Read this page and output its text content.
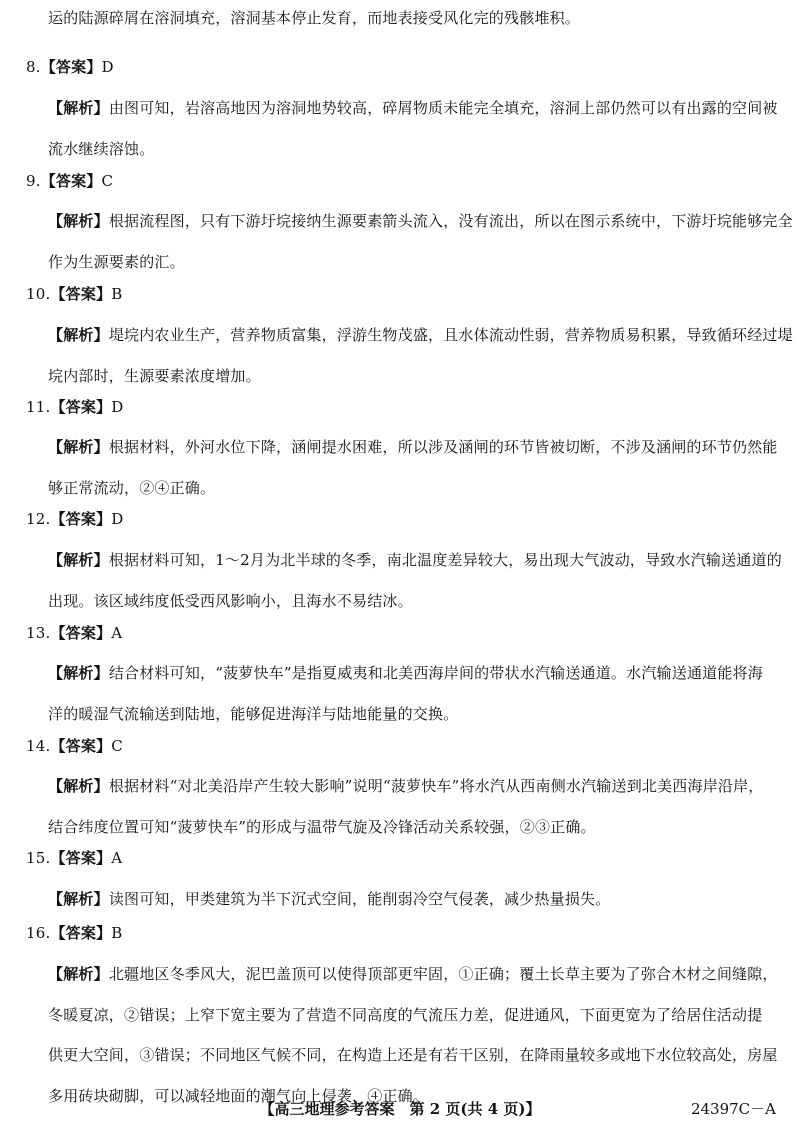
运的陆源碎屑在溶洞填充，溶洞基本停止发育，而地表接受风化完的残骸堆积。
8.【答案】D
【解析】由图可知，岩溶高地因为溶洞地势较高，碎屑物质未能完全填充，溶洞上部仍然可以有出露的空间被
流水继续溶蚀。
9.【答案】C
【解析】根据流程图，只有下游圩垸接纳生源要素箭头流入，没有流出，所以在图示系统中，下游圩垸能够完全
作为生源要素的汇。
10.【答案】B
【解析】堤垸内农业生产，营养物质富集，浮游生物茂盛，且水体流动性弱，营养物质易积累，导致循环经过堤
垸内部时，生源要素浓度增加。
11.【答案】D
【解析】根据材料，外河水位下降，涵闸提水困难，所以涉及涵闸的环节皆被切断，不涉及涵闸的环节仍然能
够正常流动，②④正确。
12.【答案】D
【解析】根据材料可知，1～2月为北半球的冬季，南北温度差异较大，易出现大气波动，导致水汽输送通道的
出现。该区域纬度低受西风影响小，且海水不易结冰。
13.【答案】A
【解析】结合材料可知，“菠萝快车”是指夏威夷和北美西海岸间的带状水汽输送通道。水汽输送通道能将海
洋的暖湿气流输送到陆地，能够促进海洋与陆地能量的交换。
14.【答案】C
【解析】根据材料“对北美沿岸产生较大影响”说明“菠萝快车”将水汽从西南侧水汽输送到北美西海岸沿岸，
结合纬度位置可知“菠萝快车”的形成与温带气旋及冷锋活动关系较强，②③正确。
15.【答案】A
【解析】读图可知，甲类建筑为半下沉式空间，能削弱冷空气侵袭，减少热量损失。
16.【答案】B
【解析】北疆地区冬季风大，泥巴盖顶可以使得顶部更牢固，①正确；覆土长草主要为了弥合木材之间缝隙，
冬暖夏凉，②错误；上窄下宽主要为了营造不同高度的气流压力差，促进通风，下面更宽为了给居住活动提
供更大空间，③错误；不同地区气候不同，在构造上还是有若干区别，在降雨量较多或地下水位较高处，房屋
多用砖块砌脚，可以减轻地面的潮气向上侵袭，④正确。
【高三地理参考答案　第 2 页(共 4 页)】	24397C－A
